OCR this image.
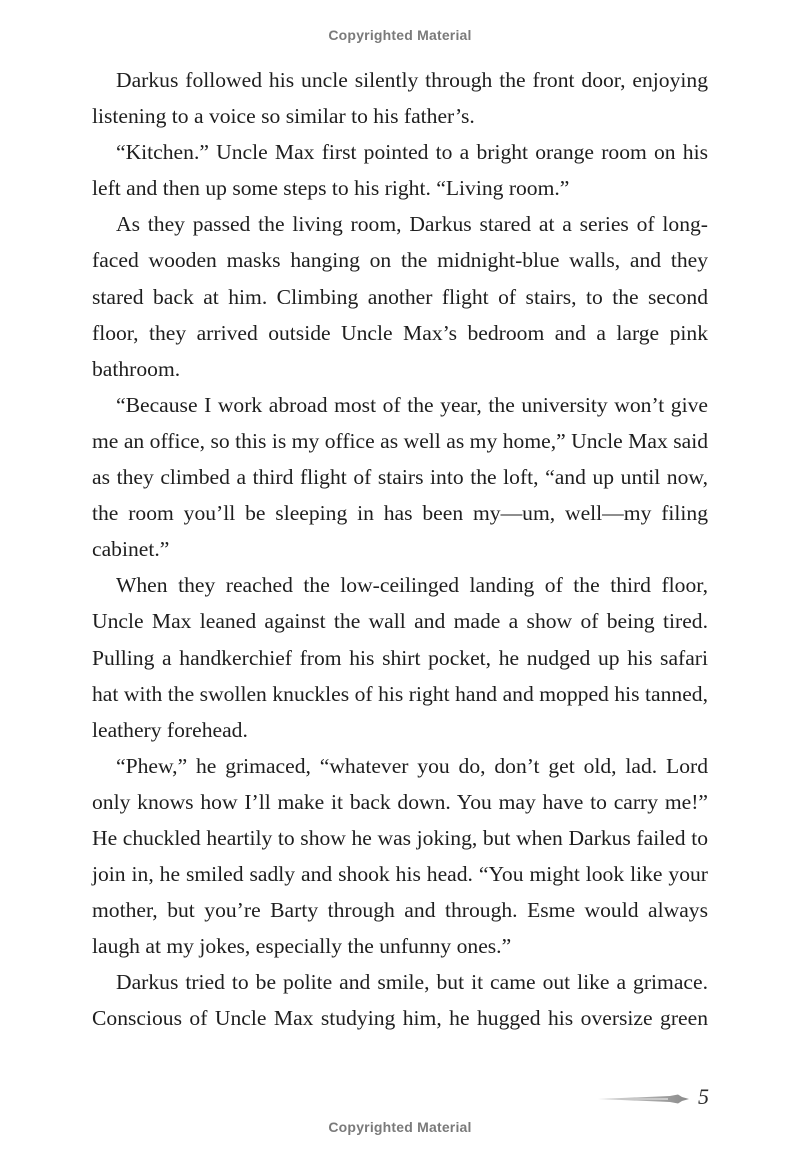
Copyrighted Material

Darkus followed his uncle silently through the front door, enjoying listening to a voice so similar to his father’s.

“Kitchen.” Uncle Max first pointed to a bright orange room on his left and then up some steps to his right. “Living room.”

As they passed the living room, Darkus stared at a series of long-faced wooden masks hanging on the midnight-blue walls, and they stared back at him. Climbing another flight of stairs, to the second floor, they arrived outside Uncle Max’s bedroom and a large pink bathroom.

“Because I work abroad most of the year, the university won’t give me an office, so this is my office as well as my home,” Uncle Max said as they climbed a third flight of stairs into the loft, “and up until now, the room you’ll be sleeping in has been my—um, well—my filing cabinet.”

When they reached the low-ceilinged landing of the third floor, Uncle Max leaned against the wall and made a show of being tired. Pulling a handkerchief from his shirt pocket, he nudged up his safari hat with the swollen knuckles of his right hand and mopped his tanned, leathery forehead.

“Phew,” he grimaced, “whatever you do, don’t get old, lad. Lord only knows how I’ll make it back down. You may have to carry me!” He chuckled heartily to show he was joking, but when Darkus failed to join in, he smiled sadly and shook his head. “You might look like your mother, but you’re Barty through and through. Esme would always laugh at my jokes, especially the unfunny ones.”

Darkus tried to be polite and smile, but it came out like a grimace. Conscious of Uncle Max studying him, he hugged his oversize green

5
Copyrighted Material
